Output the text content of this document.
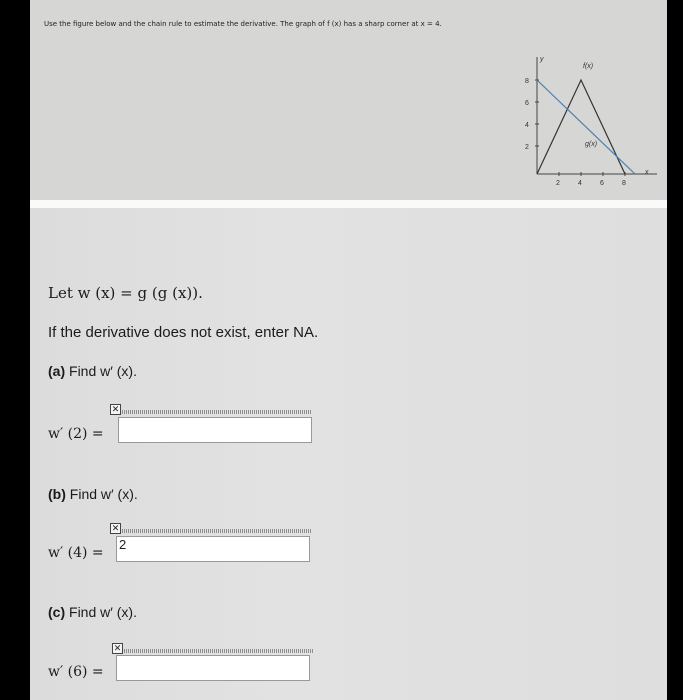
Use the figure below and the chain rule to estimate the derivative. The graph of f (x) has a sharp corner at x = 4.
y
x
8
6
4
2
2	4	6	8
f(x)
g(x)
Let w (x) = g (g (x)).
If the derivative does not exist, enter NA.
(a) Find w′ (x).
✕
w′ (2) =
(b) Find w′ (x).
✕
w′ (4) =
2
(c) Find w′ (x).
✕
w′ (6) =
